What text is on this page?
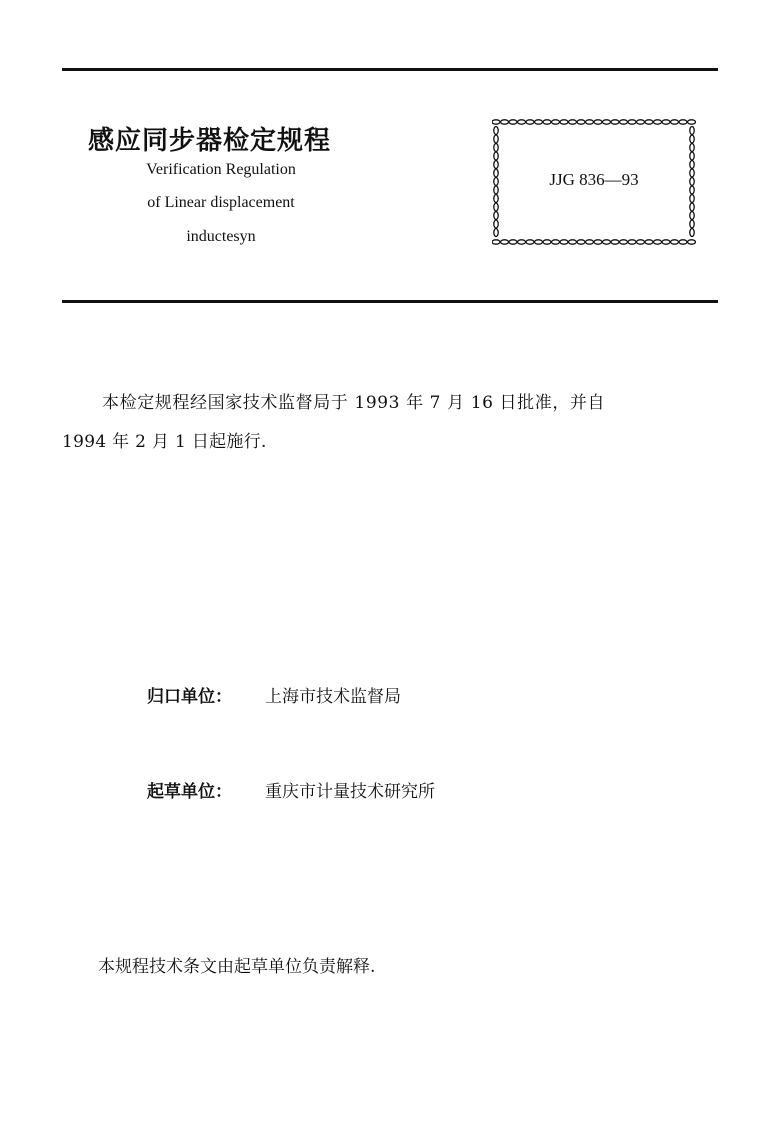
感应同步器检定规程
Verification Regulation
of Linear displacement
inductesyn
JJG 836—93
本检定规程经国家技术监督局于 1993 年 7 月 16 日批准，并自
1994 年 2 月 1 日起施行.
归口单位： 上海市技术监督局
起草单位： 重庆市计量技术研究所
本规程技术条文由起草单位负责解释.
